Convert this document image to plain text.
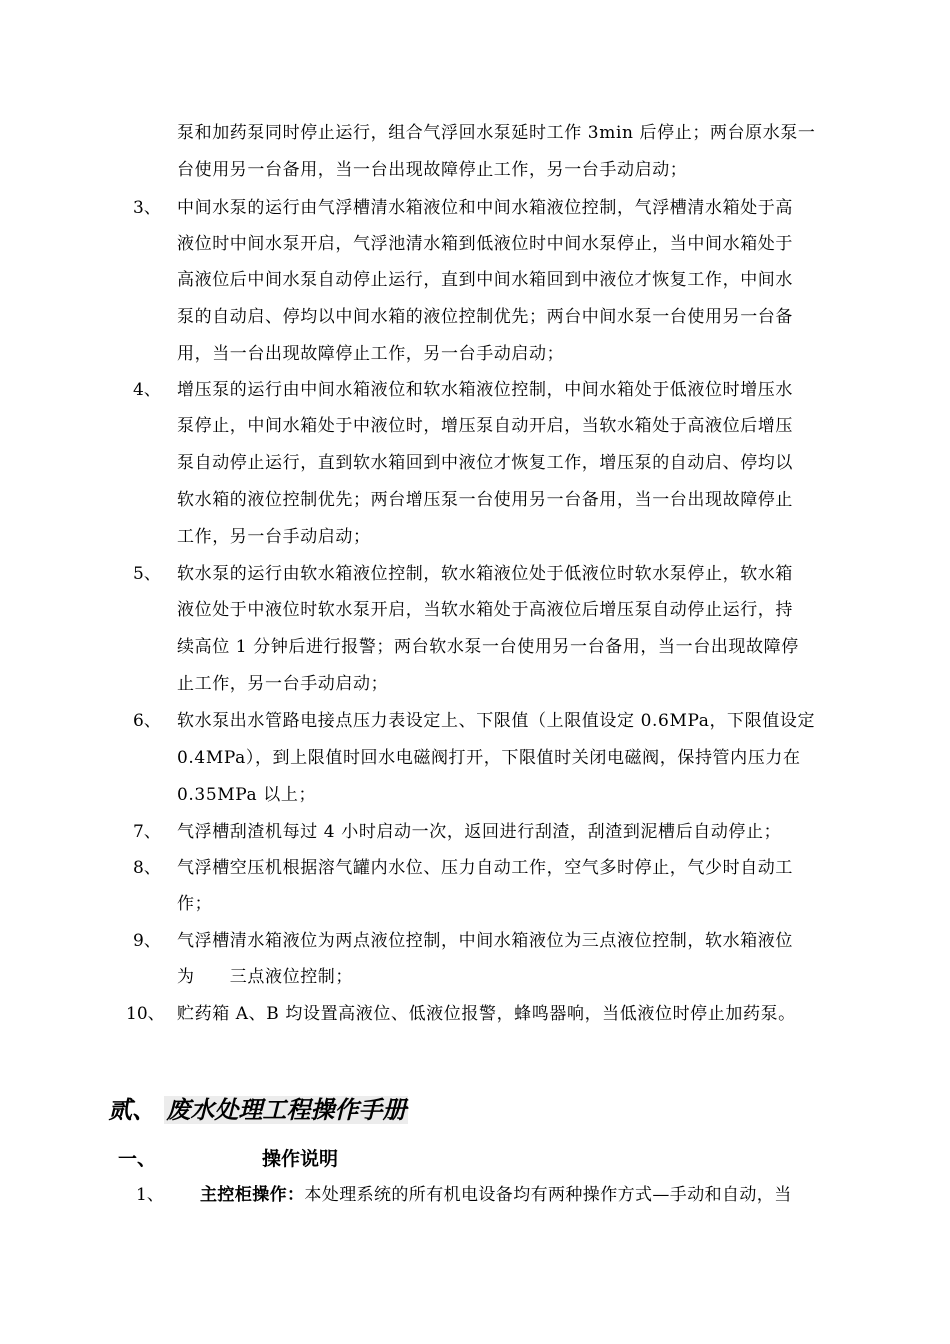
泵和加药泵同时停止运行，组合气浮回水泵延时工作 3min 后停止；两台原水泵一
台使用另一台备用，当一台出现故障停止工作，另一台手动启动；
3、 中间水泵的运行由气浮槽清水箱液位和中间水箱液位控制，气浮槽清水箱处于高
液位时中间水泵开启，气浮池清水箱到低液位时中间水泵停止，当中间水箱处于
高液位后中间水泵自动停止运行，直到中间水箱回到中液位才恢复工作，中间水
泵的自动启、停均以中间水箱的液位控制优先；两台中间水泵一台使用另一台备
用，当一台出现故障停止工作，另一台手动启动；
4、 增压泵的运行由中间水箱液位和软水箱液位控制，中间水箱处于低液位时增压水
泵停止，中间水箱处于中液位时，增压泵自动开启，当软水箱处于高液位后增压
泵自动停止运行，直到软水箱回到中液位才恢复工作，增压泵的自动启、停均以
软水箱的液位控制优先；两台增压泵一台使用另一台备用，当一台出现故障停止
工作，另一台手动启动；
5、 软水泵的运行由软水箱液位控制，软水箱液位处于低液位时软水泵停止，软水箱
液位处于中液位时软水泵开启，当软水箱处于高液位后增压泵自动停止运行，持
续高位 1 分钟后进行报警；两台软水泵一台使用另一台备用，当一台出现故障停
止工作，另一台手动启动；
6、 软水泵出水管路电接点压力表设定上、下限值（上限值设定 0.6MPa，下限值设定
0.4MPa），到上限值时回水电磁阀打开，下限值时关闭电磁阀，保持管内压力在
0.35MPa 以上；
7、 气浮槽刮渣机每过 4 小时启动一次，返回进行刮渣，刮渣到泥槽后自动停止；
8、 气浮槽空压机根据溶气罐内水位、压力自动工作，空气多时停止，气少时自动工
作；
9、 气浮槽清水箱液位为两点液位控制，中间水箱液位为三点液位控制，软水箱液位
为　　三点液位控制；
10、 贮药箱 A、B 均设置高液位、低液位报警，蜂鸣器响，当低液位时停止加药泵。
贰、 废水处理工程操作手册
一、	操作说明
1、 主控柜操作：本处理系统的所有机电设备均有两种操作方式—手动和自动，当
